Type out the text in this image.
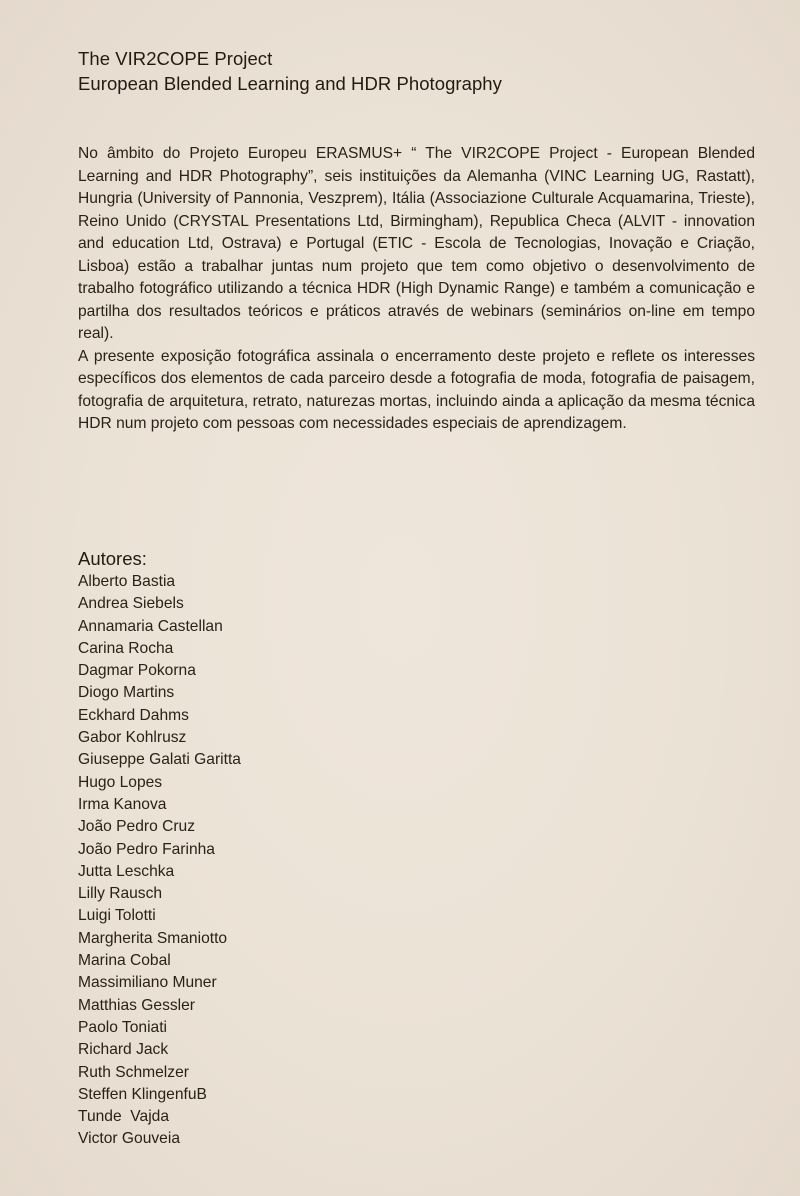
The VIR2COPE Project
European Blended Learning and HDR Photography

No âmbito do Projeto Europeu ERASMUS+ “ The VIR2COPE Project - European Blended Learning and HDR Photography”, seis instituições da Alemanha (VINC Learning UG, Rastatt), Hungria (University of Pannonia, Veszprem), Itália (Associazione Culturale Acquamarina, Trieste), Reino Unido (CRYSTAL Presentations Ltd, Birmingham), Republica Checa (ALVIT - innovation and education Ltd, Ostrava) e Portugal (ETIC - Escola de Tecnologias, Inovação e Criação, Lisboa) estão a trabalhar juntas num projeto que tem como objetivo o desenvolvimento de trabalho fotográfico utilizando a técnica HDR (High Dynamic Range) e também a comunicação e partilha dos resultados teóricos e práticos através de webinars (seminários on-line em tempo real).

A presente exposição fotográfica assinala o encerramento deste projeto e reflete os interesses específicos dos elementos de cada parceiro desde a fotografia de moda, fotografia de paisagem, fotografia de arquitetura, retrato, naturezas mortas, incluindo ainda a aplicação da mesma técnica HDR num projeto com pessoas com necessidades especiais de aprendizagem.

Autores:
Alberto Bastia
Andrea Siebels
Annamaria Castellan
Carina Rocha
Dagmar Pokorna
Diogo Martins
Eckhard Dahms
Gabor Kohlrusz
Giuseppe Galati Garitta
Hugo Lopes
Irma Kanova
João Pedro Cruz
João Pedro Farinha
Jutta Leschka
Lilly Rausch
Luigi Tolotti
Margherita Smaniotto
Marina Cobal
Massimiliano Muner
Matthias Gessler
Paolo Toniati
Richard Jack
Ruth Schmelzer
Steffen KlingenfuB
Tunde  Vajda
Victor Gouveia
